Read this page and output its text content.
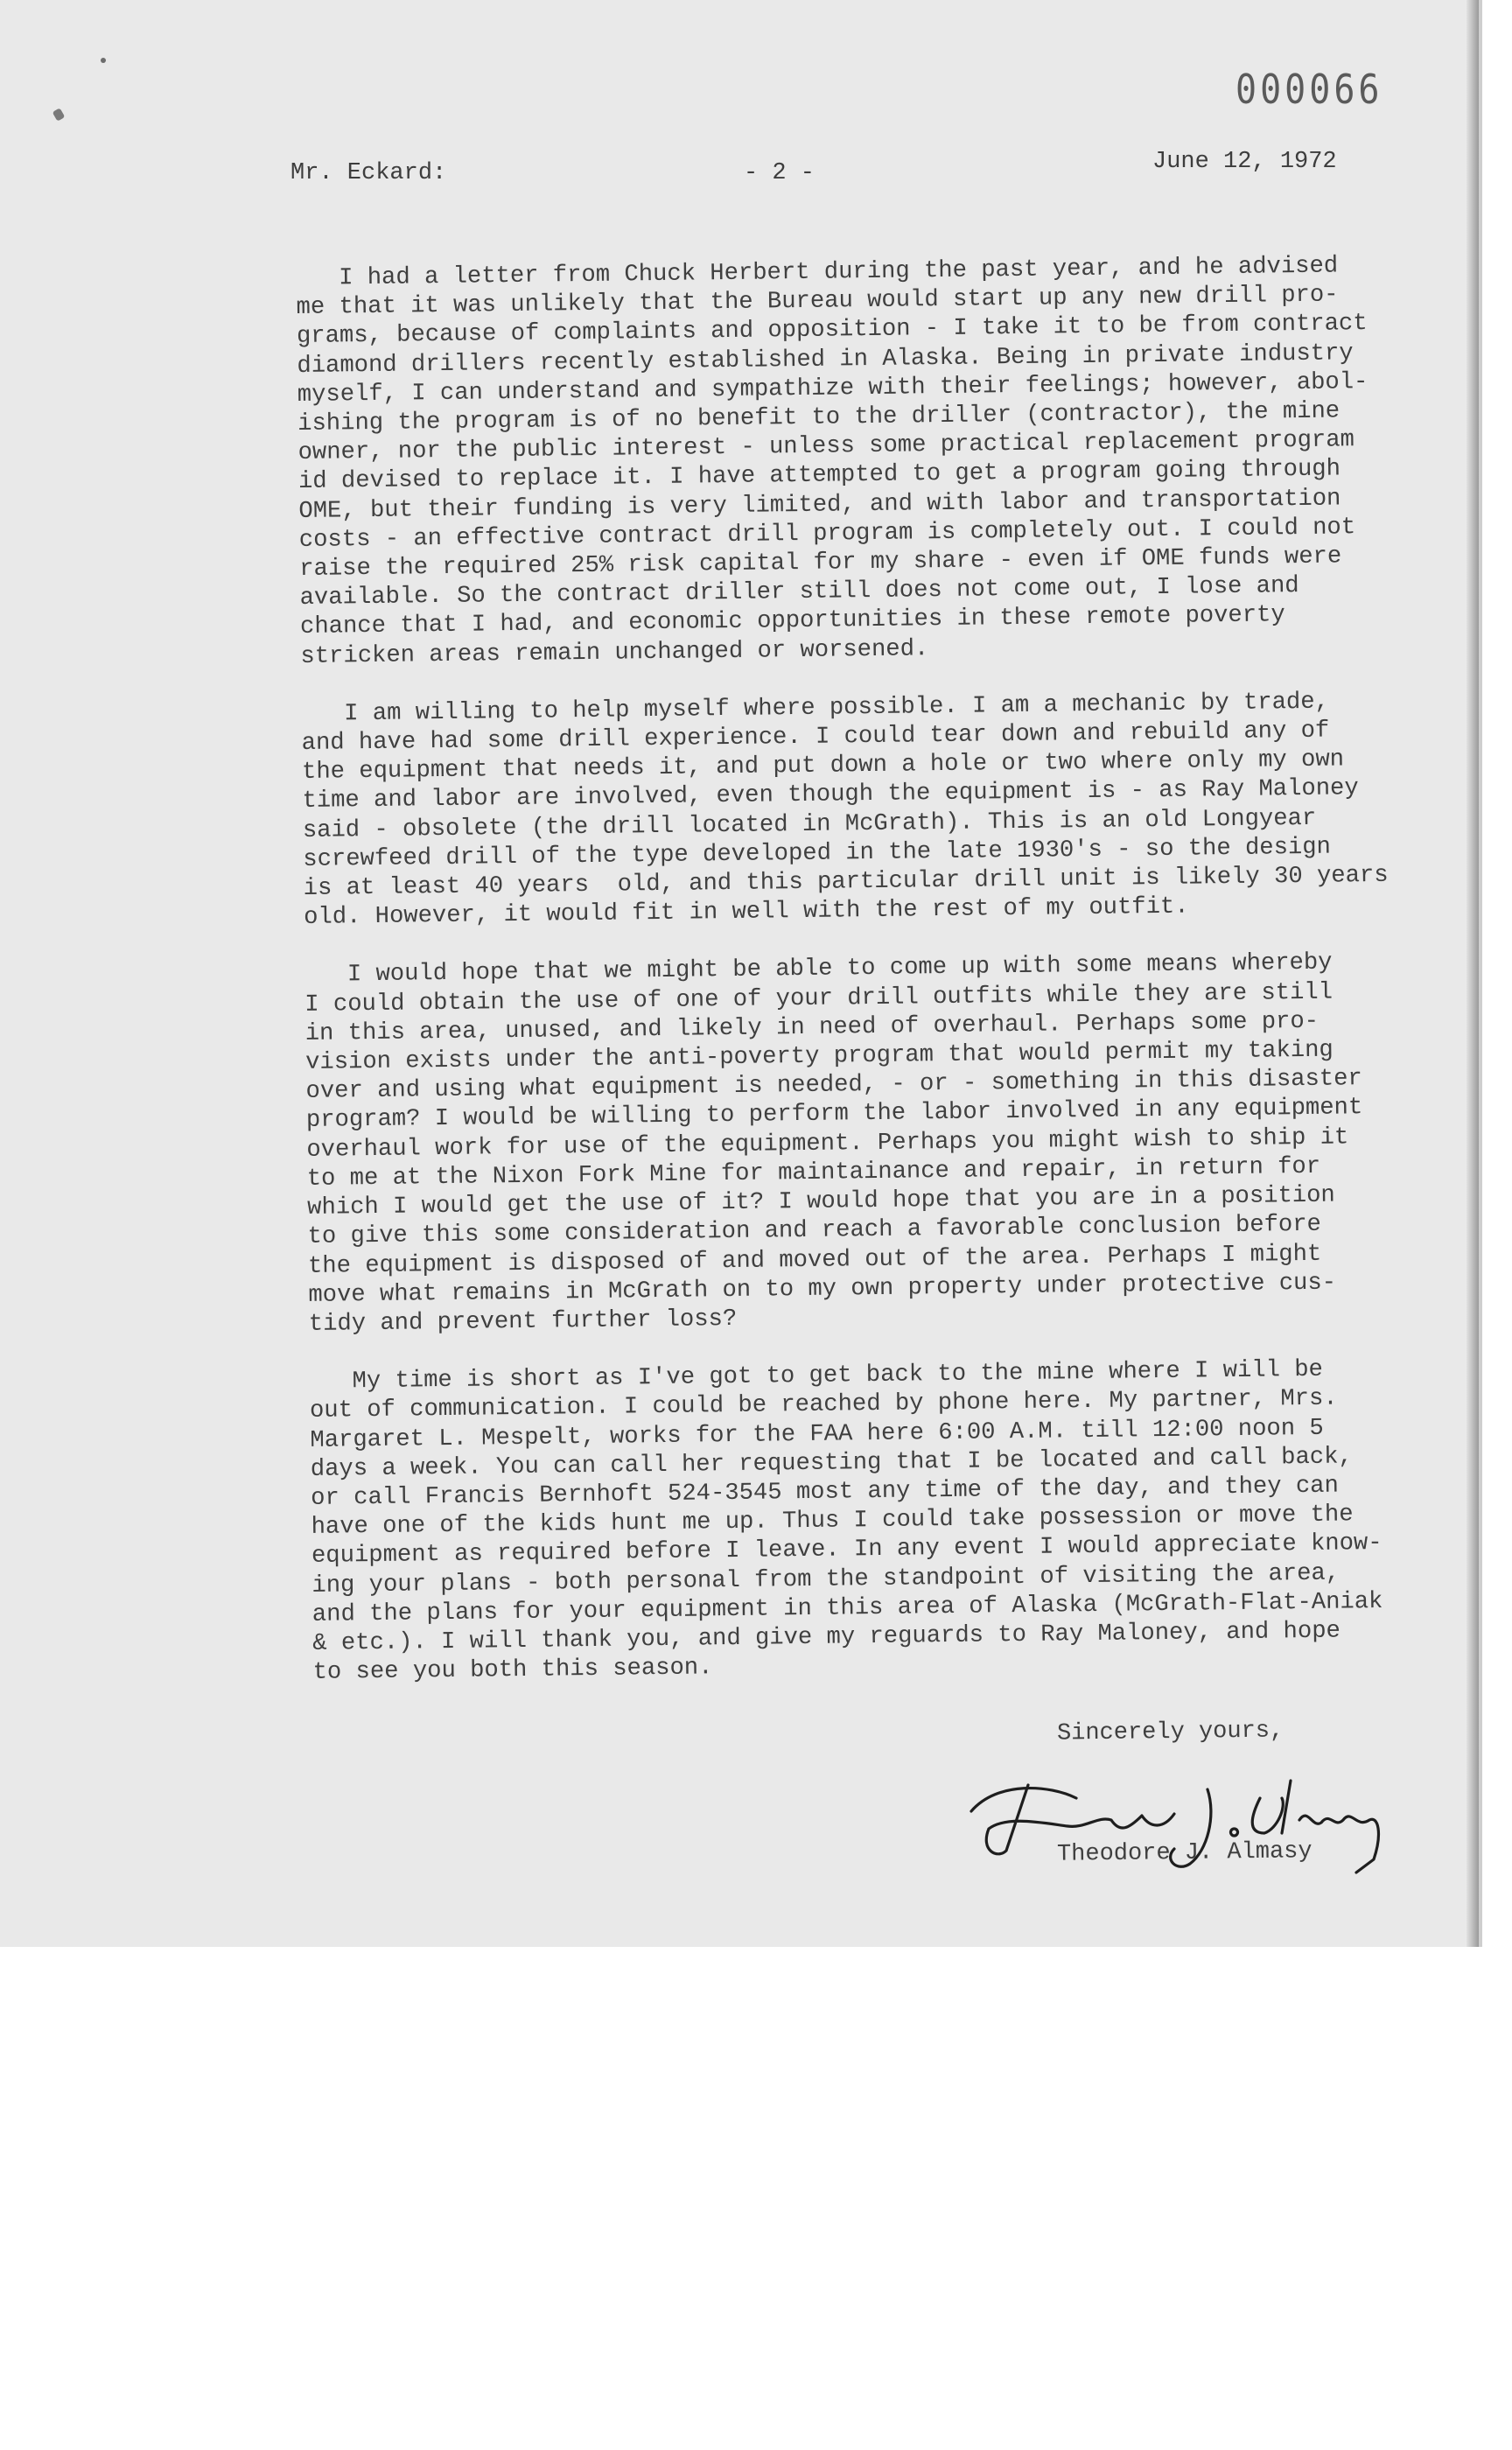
000066
Mr. Eckard:	- 2 -	June 12, 1972
I had a letter from Chuck Herbert during the past year, and he advised
me that it was unlikely that the Bureau would start up any new drill pro-
grams, because of complaints and opposition - I take it to be from contract
diamond drillers recently established in Alaska. Being in private industry
myself, I can understand and sympathize with their feelings; however, abol-
ishing the program is of no benefit to the driller (contractor), the mine
owner, nor the public interest - unless some practical replacement program
id devised to replace it. I have attempted to get a program going through
OME, but their funding is very limited, and with labor and transportation
costs - an effective contract drill program is completely out. I could not
raise the required 25% risk capital for my share - even if OME funds were
available. So the contract driller still does not come out, I lose and
chance that I had, and economic opportunities in these remote poverty
stricken areas remain unchanged or worsened.
I am willing to help myself where possible. I am a mechanic by trade,
and have had some drill experience. I could tear down and rebuild any of
the equipment that needs it, and put down a hole or two where only my own
time and labor are involved, even though the equipment is - as Ray Maloney
said - obsolete (the drill located in McGrath). This is an old Longyear
screwfeed drill of the type developed in the late 1930's - so the design
is at least 40 years  old, and this particular drill unit is likely 30 years
old. However, it would fit in well with the rest of my outfit.
I would hope that we might be able to come up with some means whereby
I could obtain the use of one of your drill outfits while they are still
in this area, unused, and likely in need of overhaul. Perhaps some pro-
vision exists under the anti-poverty program that would permit my taking
over and using what equipment is needed, - or - something in this disaster
program? I would be willing to perform the labor involved in any equipment
overhaul work for use of the equipment. Perhaps you might wish to ship it
to me at the Nixon Fork Mine for maintainance and repair, in return for
which I would get the use of it? I would hope that you are in a position
to give this some consideration and reach a favorable conclusion before
the equipment is disposed of and moved out of the area. Perhaps I might
move what remains in McGrath on to my own property under protective cus-
tidy and prevent further loss?
My time is short as I've got to get back to the mine where I will be
out of communication. I could be reached by phone here. My partner, Mrs.
Margaret L. Mespelt, works for the FAA here 6:00 A.M. till 12:00 noon 5
days a week. You can call her requesting that I be located and call back,
or call Francis Bernhoft 524-3545 most any time of the day, and they can
have one of the kids hunt me up. Thus I could take possession or move the
equipment as required before I leave. In any event I would appreciate know-
ing your plans - both personal from the standpoint of visiting the area,
and the plans for your equipment in this area of Alaska (McGrath-Flat-Aniak
& etc.). I will thank you, and give my reguards to Ray Maloney, and hope
to see you both this season.
Sincerely yours,
Theodore J. Almasy
